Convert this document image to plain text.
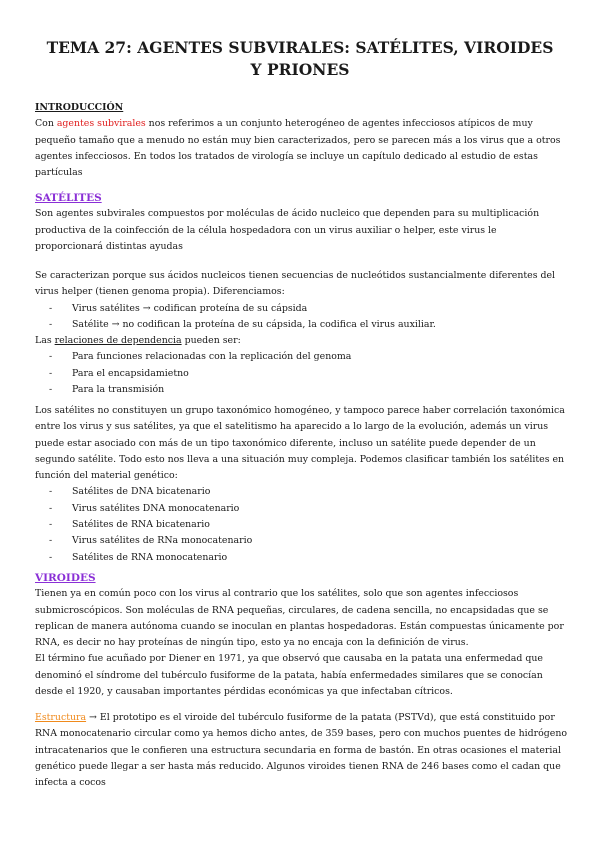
TEMA 27: AGENTES SUBVIRALES: SATÉLITES, VIROIDES Y PRIONES
INTRODUCCIÓN

Con agentes subvirales nos referimos a un conjunto heterogéneo de agentes infecciosos atípicos de muy pequeño tamaño que a menudo no están muy bien caracterizados, pero se parecen más a los virus que a otros agentes infecciosos. En todos los tratados de virología se incluye un capítulo dedicado al estudio de estas partículas

SATÉLITES

Son agentes subvirales compuestos por moléculas de ácido nucleico que dependen para su multiplicación productiva de la coinfección de la célula hospedadora con un virus auxiliar o helper, este virus le proporcionará distintas ayudas

Se caracterizan porque sus ácidos nucleicos tienen secuencias de nucleótidos sustancialmente diferentes del virus helper (tienen genoma propia). Diferenciamos:

- Virus satélites → codifican proteína de su cápsida
- Satélite → no codifican la proteína de su cápsida, la codifica el virus auxiliar.

Las relaciones de dependencia pueden ser:

- Para funciones relacionadas con la replicación del genoma
- Para el encapsidamietno
- Para la transmisión

Los satélites no constituyen un grupo taxonómico homogéneo, y tampoco parece haber correlación taxonómica entre los virus y sus satélites, ya que el satelitismo ha aparecido a lo largo de la evolución, además un virus puede estar asociado con más de un tipo taxonómico diferente, incluso un satélite puede depender de un segundo satélite. Todo esto nos lleva a una situación muy compleja. Podemos clasificar también los satélites en función del material genético:

- Satélites de DNA bicatenario
- Virus satélites DNA monocatenario
- Satélites de RNA bicatenario
- Virus satélites de RNa monocatenario
- Satélites de RNA monocatenario
VIROIDES

Tienen ya en común poco con los virus al contrario que los satélites, solo que son agentes infecciosos submicroscópicos. Son moléculas de RNA pequeñas, circulares, de cadena sencilla, no encapsidadas que se replican de manera autónoma cuando se inoculan en plantas hospedadoras. Están compuestas únicamente por RNA, es decir no hay proteínas de ningún tipo, esto ya no encaja con la definición de virus.

El término fue acuñado por Diener en 1971, ya que observó que causaba en la patata una enfermedad que denominó el síndrome del tubérculo fusiforme de la patata, había enfermedades similares que se conocían desde el 1920, y causaban importantes pérdidas económicas ya que infectaban cítricos.

Estructura → El prototipo es el viroide del tubérculo fusiforme de la patata (PSTVd), que está constituido por RNA monocatenario circular como ya hemos dicho antes, de 359 bases, pero con muchos puentes de hidrógeno intracatenarios que le confieren una estructura secundaria en forma de bastón. En otras ocasiones el material genético puede llegar a ser hasta más reducido. Algunos viroides tienen RNA de 246 bases como el cadan que infecta a cocos
